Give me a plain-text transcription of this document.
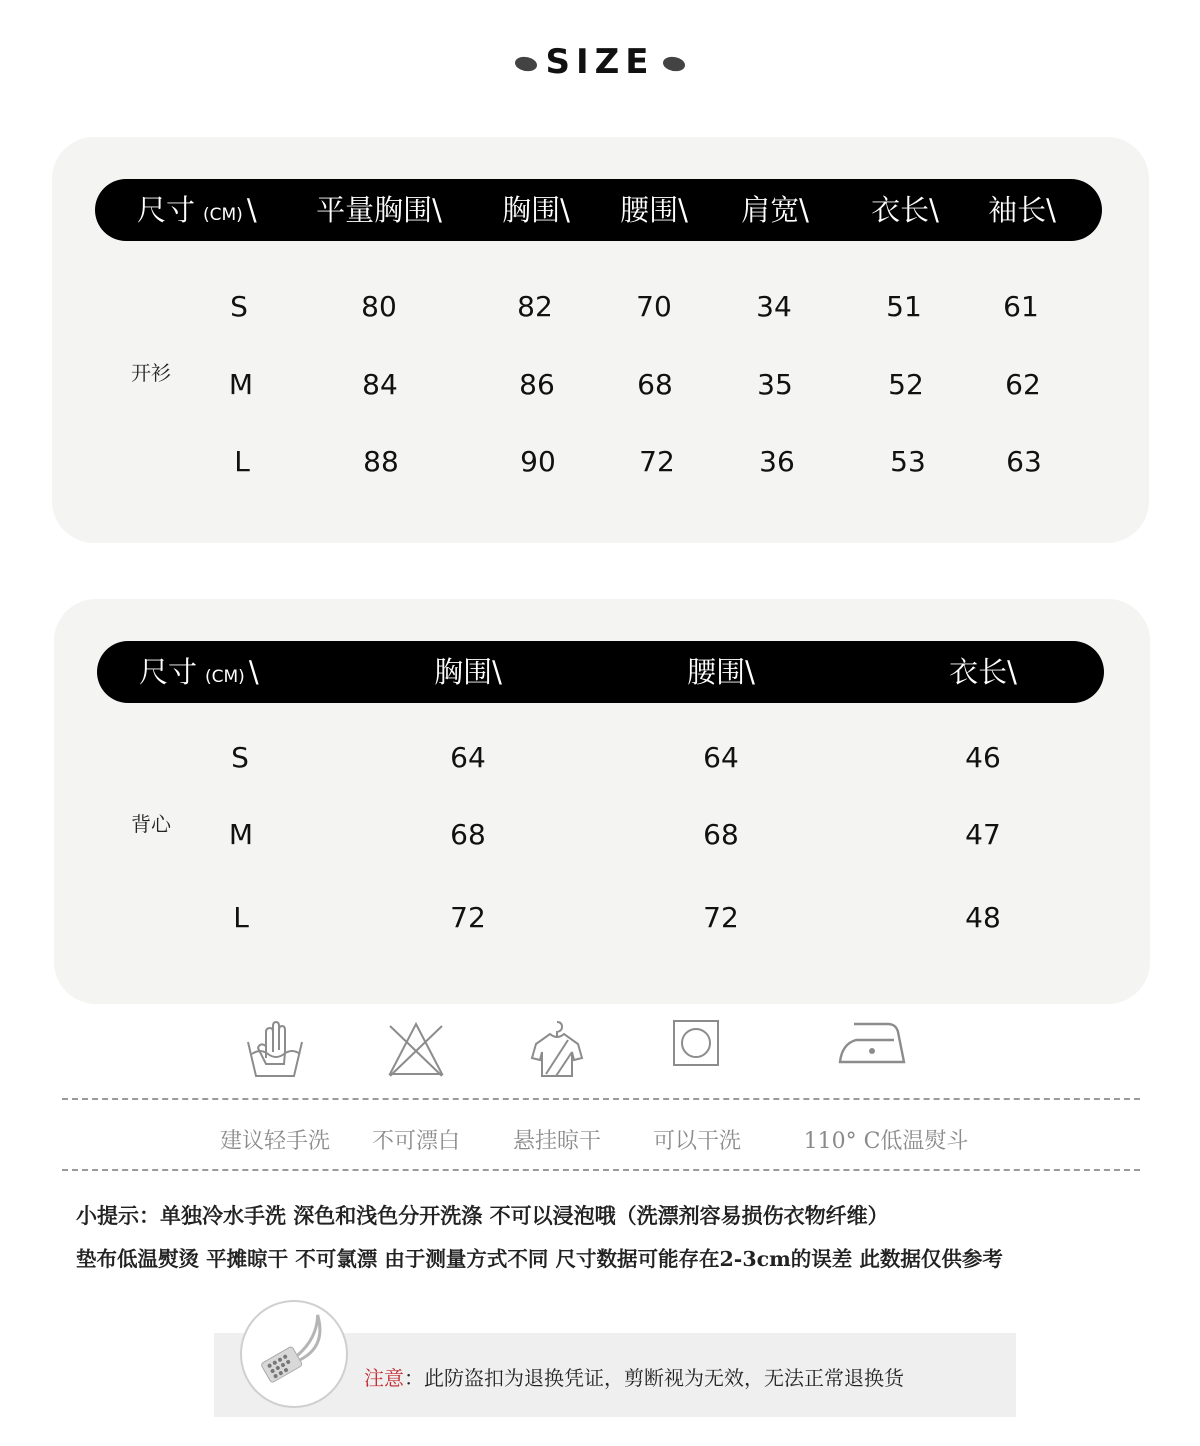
SIZE
尺寸 (CM) \ 平量胸围\ 胸围\ 腰围\ 肩宽\ 衣长\ 袖长\
开衫
S	80	82	70	34	51	61
M	84	86	68	35	52	62
L	88	90	72	36	53	63
尺寸 (CM) \	胸围\	腰围\	衣长\
背心
S	64	64	46
M	68	68	47
L	72	72	48
建议轻手洗 不可漂白 悬挂晾干 可以干洗	110° C低温熨斗
小提示：单独冷水手洗 深色和浅色分开洗涤 不可以浸泡哦（洗漂剂容易损伤衣物纤维）
垫布低温熨烫 平摊晾干 不可氯漂 由于测量方式不同 尺寸数据可能存在2-3cm的误差 此数据仅供参考
注意：此防盗扣为退换凭证，剪断视为无效，无法正常退换货
